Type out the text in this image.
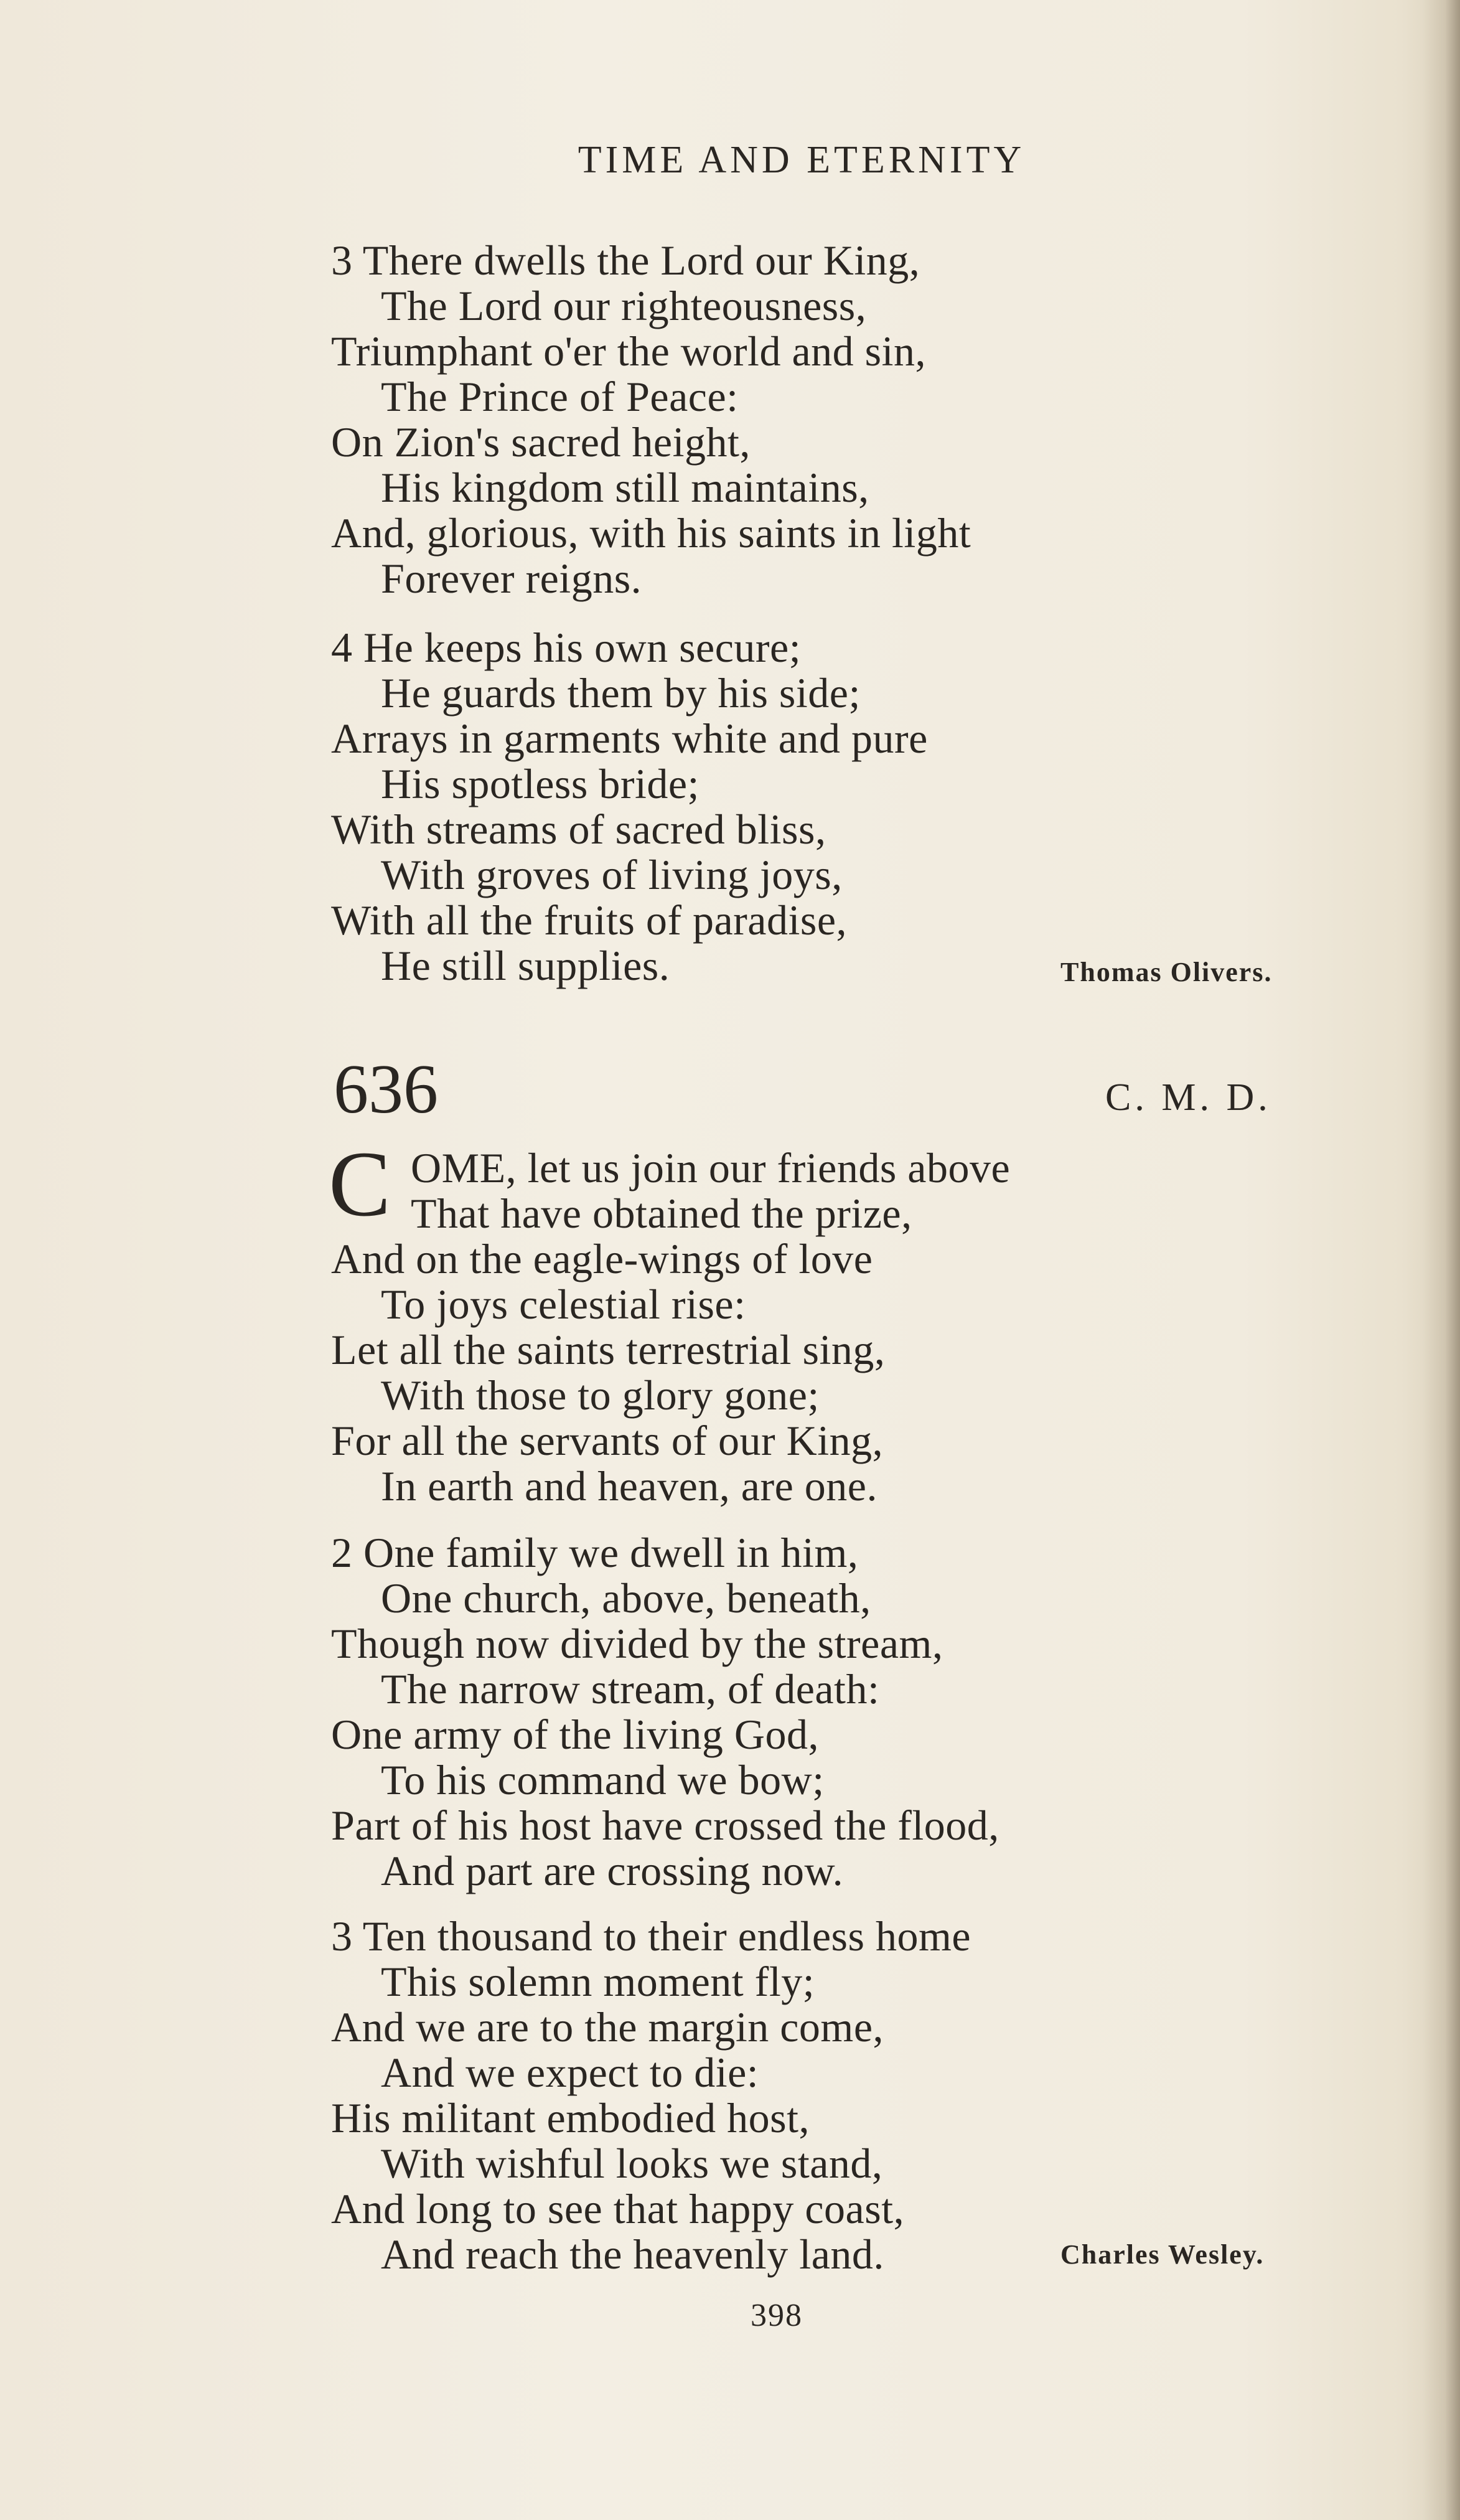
TIME AND ETERNITY
3 There dwells the Lord our King,
The Lord our righteousness,
Triumphant o'er the world and sin,
The Prince of Peace:
On Zion's sacred height,
His kingdom still maintains,
And, glorious, with his saints in light
Forever reigns.
4 He keeps his own secure;
He guards them by his side;
Arrays in garments white and pure
His spotless bride;
With streams of sacred bliss,
With groves of living joys,
With all the fruits of paradise,
He still supplies.	Thomas Olivers.
636	C. M. D.
C OME, let us join our friends above
That have obtained the prize,
And on the eagle-wings of love
To joys celestial rise:
Let all the saints terrestrial sing,
With those to glory gone;
For all the servants of our King,
In earth and heaven, are one.
2 One family we dwell in him,
One church, above, beneath,
Though now divided by the stream,
The narrow stream, of death:
One army of the living God,
To his command we bow;
Part of his host have crossed the flood,
And part are crossing now.
3 Ten thousand to their endless home
This solemn moment fly;
And we are to the margin come,
And we expect to die:
His militant embodied host,
With wishful looks we stand,
And long to see that happy coast,
And reach the heavenly land.	Charles Wesley.
398
